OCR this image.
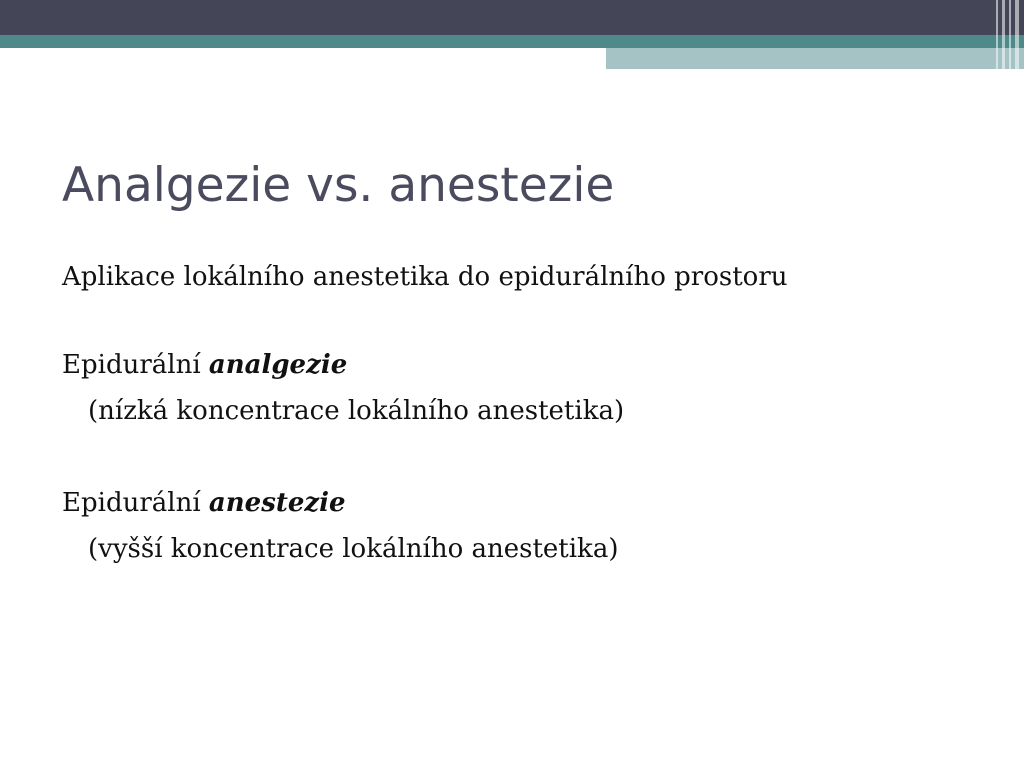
Analgezie vs. anestezie

Aplikace lokálního anestetika do epidurálního prostoru

Epidurální analgezie

(nízká koncentrace lokálního anestetika)

Epidurální anestezie

(vyšší koncentrace lokálního anestetika)
